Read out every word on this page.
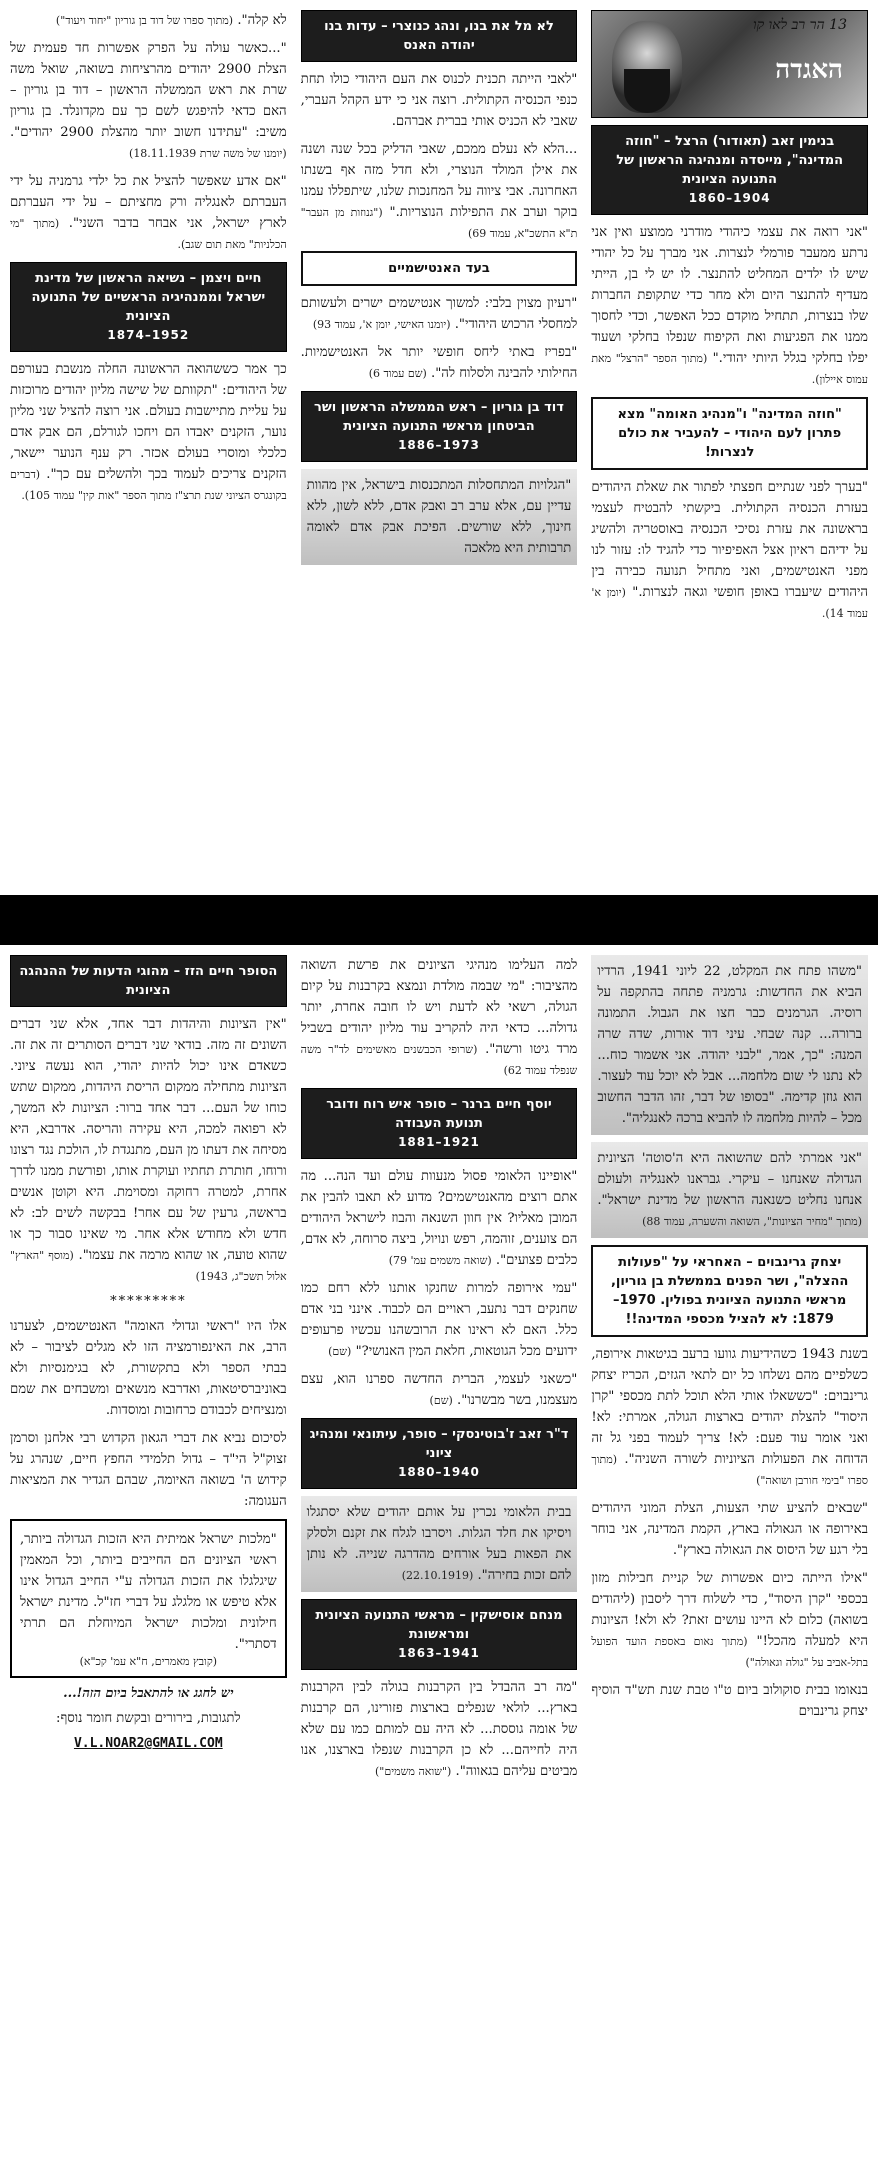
13 הר רב לאו קו
האגדה
בנימין זאב (תאודור) הרצל – "חוזה המדינה", מייסדה ומנהיגה הראשון של התנועה הציונית
1904–1860

"אני רואה את עצמי כיהודי מודרני ממוצע ואין אני נרתע ממעבר פורמלי לנצרות. אני מברך על כל יהודי שיש לו ילדים המחליט להתנצר. לו יש לי בן, הייתי מעדיף להתנצר היום ולא מחר כדי שתקופת החברות שלו בנצרות, תתחיל מוקדם ככל האפשר, וכדי לחסוך ממנו את הפגיעות ואת הקיפוח שנפלו בחלקי ושעוד יפלו בחלקי בגלל היותי יהודי." (מתוך הספר "הרצל" מאת עמוס איילון).

"חוזה המדינה" ו"מנהיג האומה" מצא פתרון לעם היהודי – להעביר את כולם לנצרות!

"בערך לפני שנתיים חפצתי לפתור את שאלת היהודים בעזרת הכנסיה הקתולית. ביקשתי להבטיח לעצמי בראשונה את עזרת נסיכי הכנסיה באוסטריה ולהשיג על ידיהם ראיון אצל האפיפיור כדי להגיד לו: עזור לנו מפני האנטישמים, ואני מתחיל תנועה כבירה בין היהודים שיעברו באופן חופשי וגאה לנצרות." (יומן א' עמוד 14).

לא מל את בנו, ונהג כנוצרי – עדות בנו יהודה האנס

"לאבי הייתה תכנית לכנוס את העם היהודי כולו תחת כנפי הכנסיה הקתולית. רוצה אני כי ידע הקהל העברי, שאבי לא הכניס אותי בברית אברהם.

...הלא לא נעלם ממכם, שאבי הדליק בכל שנה ושנה את אילן המולד הנוצרי, ולא חדל מזה אף בשנתו האחרונה. אבי ציווה על המחנכות שלנו, שיתפללו עמנו בוקר וערב את התפילות הנוצריות." ("גנוזות מן העבר" ת"א התשכ"א, עמוד 69)

בעד האנטישמיים

"רעיון מצוין בלבי: למשוך אנטישמים ישרים ולעשותם למחסלי הרכוש היהודי". (יומנו האישי, יומן א', עמוד 93)

"בפריז באתי ליחס חופשי יותר אל האנטישמיות. החילותי להבינה ולסלוח לה". (שם עמוד 6)

דוד בן גוריון – ראש הממשלה הראשון ושר הביטחון מראשי התנועה הציונית
1973–1886

"הגלויות המתחסלות המתכנסות בישראל, אין מהוות עדיין עם, אלא ערב רב ואבק אדם, ללא לשון, ללא חינוך, ללא שורשים. הפיכת אבק אדם לאומה תרבותית היא מלאכה

לא קלה". (מתוך ספרו של דוד בן גוריון "יחוד ויעוד")

"...כאשר עולה על הפרק אפשרות חד פעמית של הצלת 2900 יהודים מהרציחות בשואה, שואל משה שרת את ראש הממשלה הראשון – דוד בן גוריון – האם כדאי להיפגש לשם כך עם מקדונלד. בן גוריון משיב: "עתידנו חשוב יותר מהצלת 2900 יהודים". (יומנו של משה שרת 18.11.1939)

"אם אדע שאפשר להציל את כל ילדי גרמניה על ידי העברתם לאנגליה ורק מחציתם – על ידי העברתם לארץ ישראל, אני אבחר בדבר השני". (מתוך "מי הכלניות" מאת תום שגב).

חיים ויצמן – נשיאה הראשון של מדינת ישראל וממנהיגיה הראשיים של התנועה הציונית
1952–1874

כך אמר כששהואה הראשונה החלה מנשבת בעורפם של היהודים: "תקוותם של שישה מליון יהודים מרוכזות על עליית מתיישבות בעולם. אני רוצה להציל שני מליון נוער, הזקנים יאבדו הם ויחכו לגורלם, הם אבק אדם כלכלי ומוסרי בעולם אכזר. רק ענף הנוער יישאר, הזקנים צריכים לעמוד בכך ולהשלים עם כך". (דברים בקונגרס הציוני שנת תרצ"ז מתוך הספר "אות קין" עמוד 105).

"משהו פתח את המקלט, 22 ליוני 1941, הרדיו הביא את החדשות: גרמניה פתחה בהתקפה על רוסיה. הגרמנים כבר חצו את הגבול. התמונה ברורה... קנה שבחי. עיני דוד אורות, שדה שרה המנה: "כך, אמר, "לבני יהודה. אני אשמור כוח... לא נתנו לי שום מלחמה... אבל לא יוכל עוד לעצור. הוא גוזן קדימה. "בסופו של דבר, זהו הדבר החשוב מכל – להיות מלחמה לו להביא ברכה לאנגליה".

"אני אמרתי להם שהשואה היא ה'סוטה' הציונית הגדולה שאנחנו – עיקרי. גבראנו לאנגליה ולעולם אנחנו נחליט כשנאנה הראשון של מדינת ישראל". (מתוך "מחיר הציונות", השואה והשערה, עמוד 88)

יצחק גרינבוים – האחראי על "פעולות ההצלה", ושר הפנים בממשלת בן גוריון, מראשי התנועה הציונית בפולין. 1970–1879: לא להציל מכספי המדינה!!

בשנת 1943 כשהידיעות גוועו ברעב בגיטאות אירופה, כשלפיים מהם נשלחו כל יום לתאי הגזים, הכריז יצחק גרינבוים: "כששאלו אותי הלא תוכל לתת מכספי "קרן היסוד" להצלת יהודים בארצות הגולה, אמרתי: לא! ואני אומר עוד פעם: לא! צריך לעמוד בפני גל זה הדוחה את הפעולות הציוניות לשורה השניה". (מתוך ספרו "בימי חורבן ושואה")

"שבאים להציע שתי הצעות, הצלת המוני היהודים באירופה או הגאולה בארץ, הקמת המדינה, אני בוחר בלי רגע של היסוס את הגאולה בארץ".

"אילו הייתה כיום אפשרות של קניית חבילות מזון בכספי "קרן היסוד", כדי לשלוח דרך ליסבון (ליהודים בשואה) כלום לא היינו עושים זאת? לא ולא! הציונות היא למעלה מהכל!" (מתוך נאום באספת הועד הפועל בתל-אביב על "גולה וגאולה")

בנאומו בבית סוקולוב ביום ט"ו טבת שנת תש"ד הוסיף יצחק גרינבוים

למה העלימו מנהיגי הציונים את פרשת השואה מהציבור: "מי שבמה מולדת ונמצא בקרבנות על קיום הגולה, רשאי לא לדעת ויש לו חובה אחרת, יותר גדולה... כדאי היה להקריב עוד מליון יהודים בשביל מרד גיטו ורשה". (שרופי הכבשנים מאשימים לד"ר משה שנפלד עמוד 62)

יוסף חיים ברנר – סופר איש רוח ודובר תנועת העבודה
1921–1881

"אופיינו הלאומי פסול מנעוות עולם ועד הנה... מה אתם רוצים מהאנטישמים? מדוע לא תאבו להבין את המובן מאליו? אין חוון השנאה והבוז לישראל היהודים הם צוענים, זוהמה, רפש ונויול, ביצה סרוחה, לא אדם, כלבים פצועים". (שואה משמים עמ' 79)

"עמי אירופה למרות שחנקו אותנו ללא רחם כמו שחנקים דבר נתעב, ראויים הם לכבוד. אינני בני אדם כלל. האם לא ראינו את הרובשהנו עכשיו פרעופים ידועים מכל הגוטאות, חלאת המין האנושי?" (שם)

"כשאני לעצמי, הברית החדשה ספרנו הוא, עצם מעצמנו, בשר מבשרנו". (שם)

ד"ר זאב ז'בוטינסקי – סופר, עיתונאי ומנהיג ציוני
1940–1880

בבית הלאומי נכרין על אותם יהודים שלא יסתגלו ויסיקו את חלד הגלות. ויסרבו לגלח את זקנם ולסלק את הפאות בעל אורחים מהדרגה שנייה. לא נותן להם זכות בחירה". (22.10.1919)

מנחם אוסישקין – מראשי התנועה הציונית ומראשונת
1941–1863

"מה רב ההבדל בין הקרבנות בגולה לבין הקרבנות בארץ... לולאי שנפלים בארצות פזורינו, הם קרבנות של אומה גוססת... לא היה עם למותם כמו עם שלא היה לחייהם... לא כן הקרבנות שנפלו בארצנו, אנו מביטים עליהם בגאווה". ("שואה משמים")

הסופר חיים הזז – מהוגי הדעות של ההנהגה הציונית

"אין הציונות והיהדות דבר אחד, אלא שני דברים השונים זה מזה. בודאי שני דברים הסותרים זה את זה. כשאדם אינו יכול להיות יהודי, הוא נעשה ציוני. הציונות מתחילה ממקום הריסת היהדות, ממקום שתש כוחו של העם... דבר אחד ברור: הציונות לא המשך, לא רפואה למכה, היא עקירה והריסה. אדרבא, היא מסיחה את דעתו מן העם, מתנגדת לו, הולכת נגד רצונו ורוחו, חותרת תחתיו ועוקרת אותו, ופורשת ממנו לדרך אחרת, למטרה רחוקה ומסוימת. היא וקוטן אנשים בראשה, גרעין של עם אחר! בבקשה לשים לב: לא חדש ולא מחודש אלא אחר. מי שאינו סבור כך או שהוא טועה, או שהוא מרמה את עצמו". (מוסף "הארץ" אלול תשכ"ג, 1943)

*********

אלו היו "ראשי וגדולי האומה" האנטישמים, לצערנו הרב, את האינפורמציה הזו לא מגלים לציבור – לא בבתי הספר ולא בתקשורת, לא בגימנסיות ולא באוניברסיטאות, ואדרבא מנשאים ומשבחים את שמם ומנציחים לכבודם כרחובות ומוסדות.

לסיכום נביא את דברי הגאון הקדוש רבי אלחנן וסרמן זצוק"ל הי"ד – גדול תלמידי החפץ חיים, שנהרג על קידוש ה' בשואה האיומה, שבהם הגדיר את המציאות העגומה:

"מלכות ישראל אמיתית היא הזכות הגדולה ביותר, ראשי הציונים הם החייבים ביותר, וכל המאמין שיגלגלו את הזכות הגדולה ע"י החייב הגדול אינו אלא טיפש או מלגלג על דברי חז"ל. מדינת ישראל חילונית ומלכות ישראל המיוחלת הם תרתי דסתרי".

(קובץ מאמרים, ח"א עמ' קכ"א)

יש לחגג או להתאבל ביום הזה!...
לתגובות, בירורים ובקשת חומר נוסף:
V.L.NOAR2@GMAIL.COM
